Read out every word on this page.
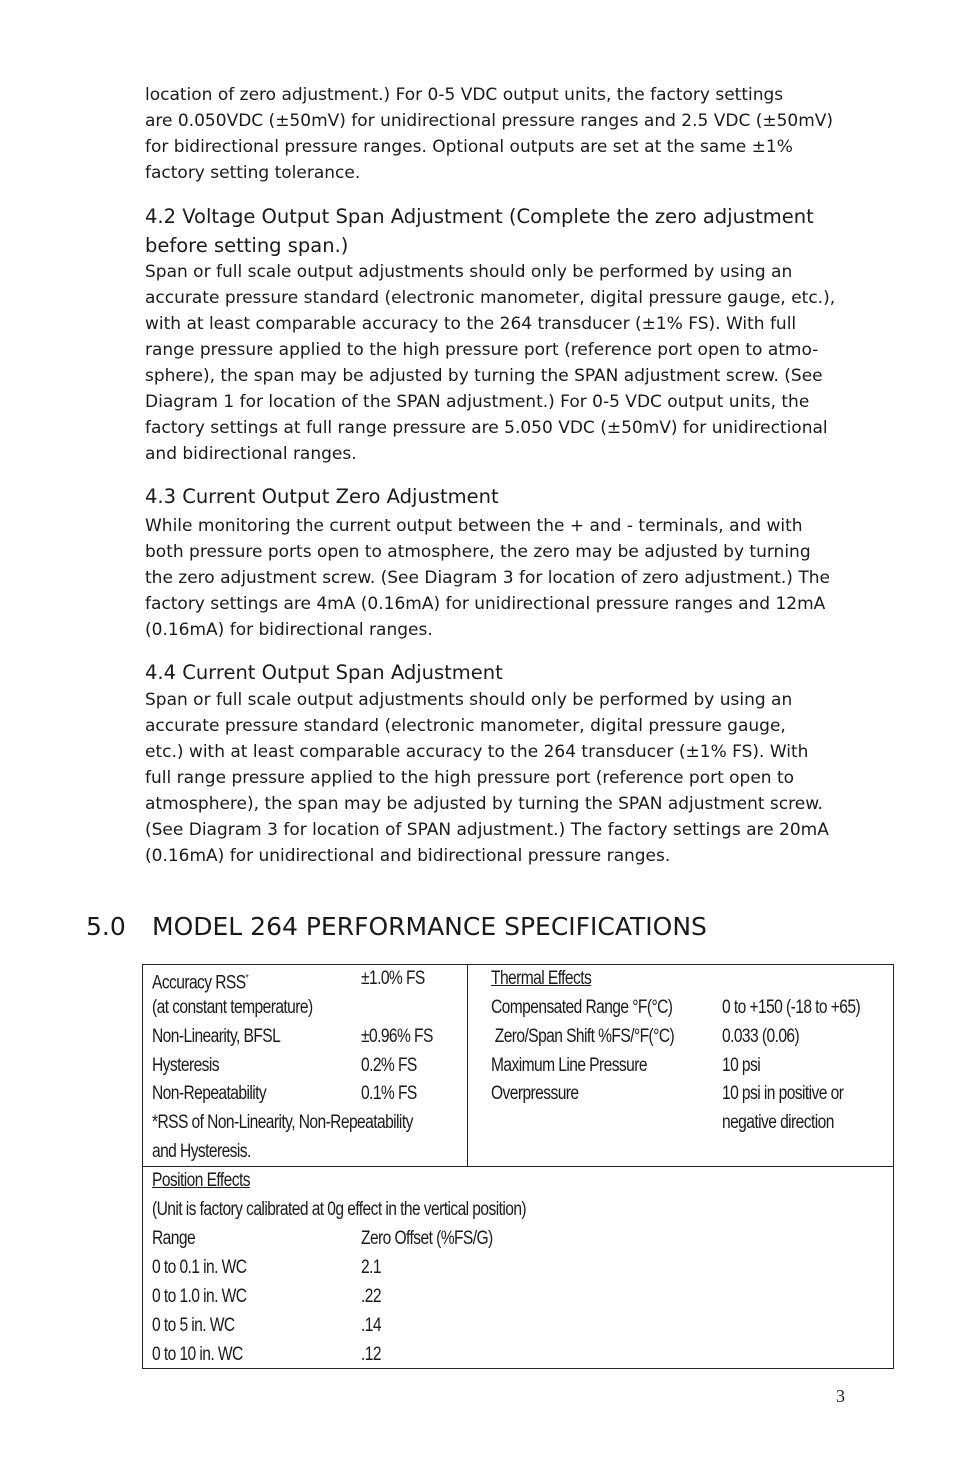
location of zero adjustment.) For 0-5 VDC output units, the factory settings
are 0.050VDC (±50mV) for unidirectional pressure ranges and 2.5 VDC (±50mV)
for bidirectional pressure ranges. Optional outputs are set at the same ±1%
factory setting tolerance.

4.2 Voltage Output Span Adjustment (Complete the zero adjustment
before setting span.)

Span or full scale output adjustments should only be performed by using an
accurate pressure standard (electronic manometer, digital pressure gauge, etc.),
with at least comparable accuracy to the 264 transducer (±1% FS). With full
range pressure applied to the high pressure port (reference port open to atmo-
sphere), the span may be adjusted by turning the SPAN adjustment screw. (See
Diagram 1 for location of the SPAN adjustment.) For 0-5 VDC output units, the
factory settings at full range pressure are 5.050 VDC (±50mV) for unidirectional
and bidirectional ranges.

4.3 Current Output Zero Adjustment

While monitoring the current output between the + and - terminals, and with
both pressure ports open to atmosphere, the zero may be adjusted by turning
the zero adjustment screw. (See Diagram 3 for location of zero adjustment.) The
factory settings are 4mA (0.16mA) for unidirectional pressure ranges and 12mA
(0.16mA) for bidirectional ranges.

4.4 Current Output Span Adjustment

Span or full scale output adjustments should only be performed by using an
accurate pressure standard (electronic manometer, digital pressure gauge,
etc.) with at least comparable accuracy to the 264 transducer (±1% FS). With
full range pressure applied to the high pressure port (reference port open to
atmosphere), the span may be adjusted by turning the SPAN adjustment screw.
(See Diagram 3 for location of SPAN adjustment.) The factory settings are 20mA
(0.16mA) for unidirectional and bidirectional pressure ranges.

5.0 MODEL 264 PERFORMANCE SPECIFICATIONS
Accuracy RSS*	±1.0% FS
(at constant temperature)
Non-Linearity, BFSL	±0.96% FS
Hysteresis	0.2% FS
Non-Repeatability	0.1% FS
*RSS of Non-Linearity, Non-Repeatability
and Hysteresis.
Thermal Effects
Compensated Range °F(°C)	0 to +150 (-18 to +65)
Zero/Span Shift %FS/°F(°C)	0.033 (0.06)
Maximum Line Pressure	10 psi
Overpressure	10 psi in positive or
negative direction
Position Effects
(Unit is factory calibrated at 0g effect in the vertical position)
Range	Zero Offset (%FS/G)
0 to 0.1 in. WC	2.1
0 to 1.0 in. WC	.22
0 to 5 in. WC	.14
0 to 10 in. WC	.12
3
